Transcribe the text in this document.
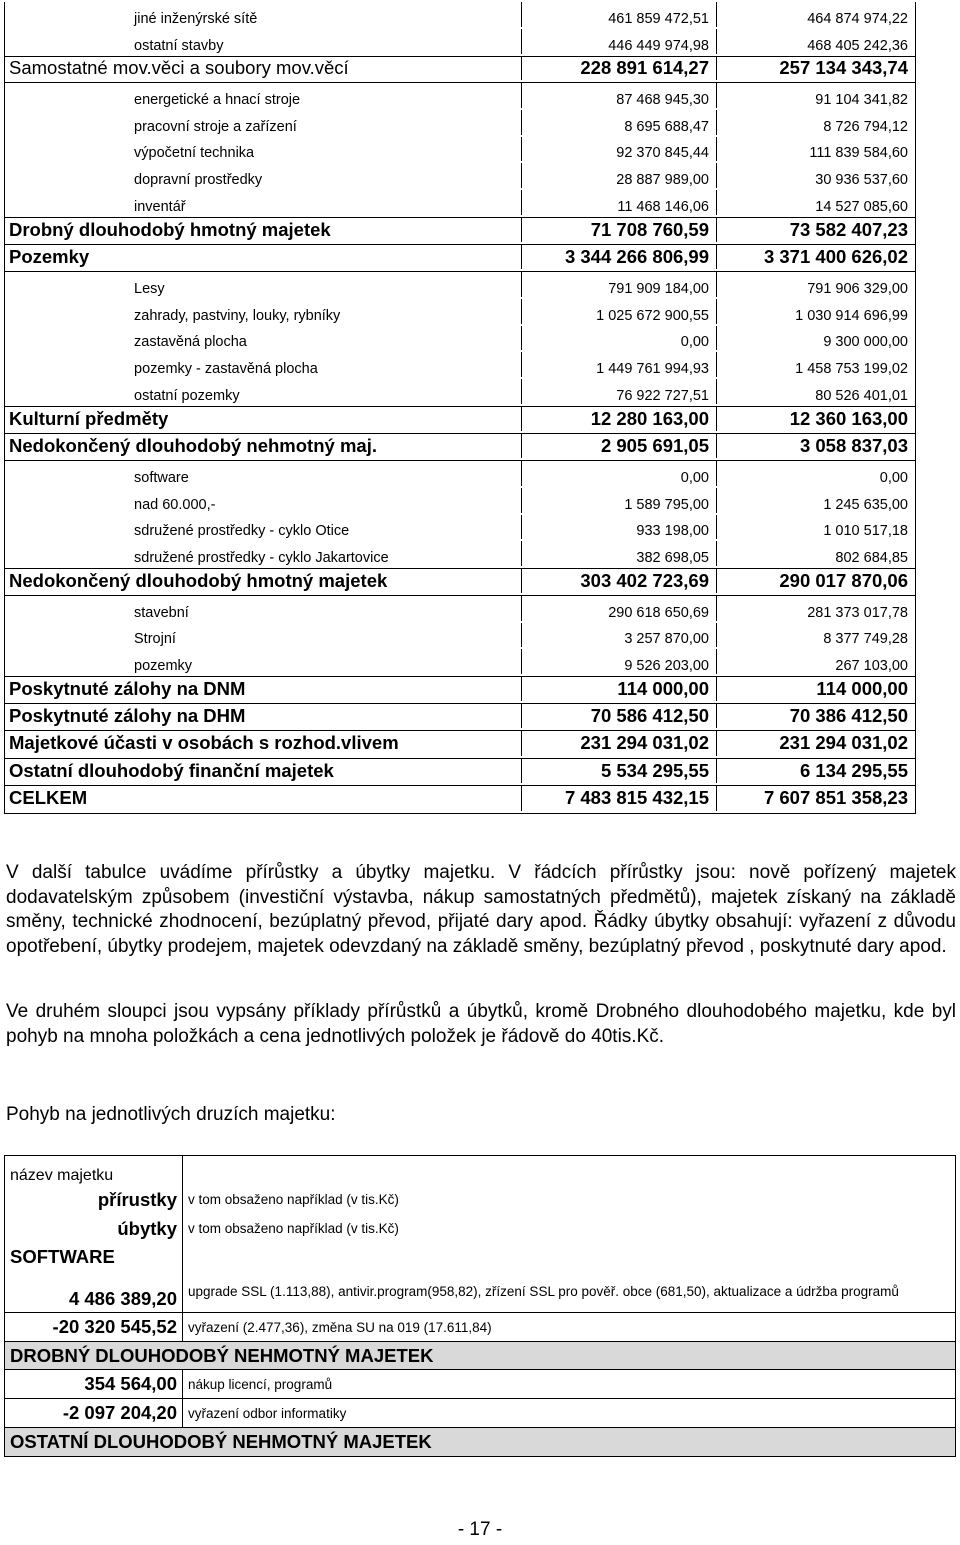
jiné inženýrské sítě	461 859 472,51	464 874 974,22
ostatní stavby	446 449 974,98	468 405 242,36
Samostatné mov.věci a soubory mov.věcí	228 891 614,27	257 134 343,74
energetické a hnací stroje	87 468 945,30	91 104 341,82
pracovní stroje a zařízení	8 695 688,47	8 726 794,12
výpočetní technika	92 370 845,44	111 839 584,60
dopravní prostředky	28 887 989,00	30 936 537,60
inventář	11 468 146,06	14 527 085,60
Drobný dlouhodobý hmotný majetek	71 708 760,59	73 582 407,23
Pozemky	3 344 266 806,99	3 371 400 626,02
Lesy	791 909 184,00	791 906 329,00
zahrady, pastviny, louky, rybníky	1 025 672 900,55	1 030 914 696,99
zastavěná plocha	0,00	9 300 000,00
pozemky - zastavěná plocha	1 449 761 994,93	1 458 753 199,02
ostatní pozemky	76 922 727,51	80 526 401,01
Kulturní předměty	12 280 163,00	12 360 163,00
Nedokončený dlouhodobý nehmotný maj.	2 905 691,05	3 058 837,03
software	0,00	0,00
nad 60.000,-	1 589 795,00	1 245 635,00
sdružené prostředky - cyklo Otice	933 198,00	1 010 517,18
sdružené prostředky - cyklo Jakartovice	382 698,05	802 684,85
Nedokončený dlouhodobý hmotný majetek	303 402 723,69	290 017 870,06
stavební	290 618 650,69	281 373 017,78
Strojní	3 257 870,00	8 377 749,28
pozemky	9 526 203,00	267 103,00
Poskytnuté zálohy na DNM	114 000,00	114 000,00
Poskytnuté zálohy na DHM	70 586 412,50	70 386 412,50
Majetkové účasti v osobách s rozhod.vlivem	231 294 031,02	231 294 031,02
Ostatní dlouhodobý finanční majetek	5 534 295,55	6 134 295,55
CELKEM	7 483 815 432,15	7 607 851 358,23
V další tabulce uvádíme přírůstky a úbytky majetku. V řádcích přírůstky jsou: nově pořízený majetek dodavatelským způsobem (investiční výstavba, nákup samostatných předmětů), majetek získaný na základě směny, technické zhodnocení, bezúplatný převod, přijaté dary apod. Řádky úbytky obsahují: vyřazení z důvodu opotřebení, úbytky prodejem, majetek odevzdaný na základě směny, bezúplatný převod , poskytnuté dary apod.
Ve druhém sloupci jsou vypsány příklady přírůstků a úbytků, kromě Drobného dlouhodobého majetku, kde byl pohyb na mnoha položkách a cena jednotlivých položek je řádově do 40tis.Kč.
Pohyb na jednotlivých druzích majetku:
název majetku
přírustky v tom obsaženo například (v tis.Kč)
úbytky v tom obsaženo například (v tis.Kč)
SOFTWARE
4 486 389,20 upgrade SSL (1.113,88), antivir.program(958,82), zřízení SSL pro pověř. obce (681,50), aktualizace a údržba programů
-20 320 545,52 vyřazení (2.477,36), změna SU na 019 (17.611,84)
DROBNÝ DLOUHODOBÝ NEHMOTNÝ MAJETEK
354 564,00 nákup licencí, programů
-2 097 204,20 vyřazení odbor informatiky
OSTATNÍ DLOUHODOBÝ NEHMOTNÝ MAJETEK
- 17 -
